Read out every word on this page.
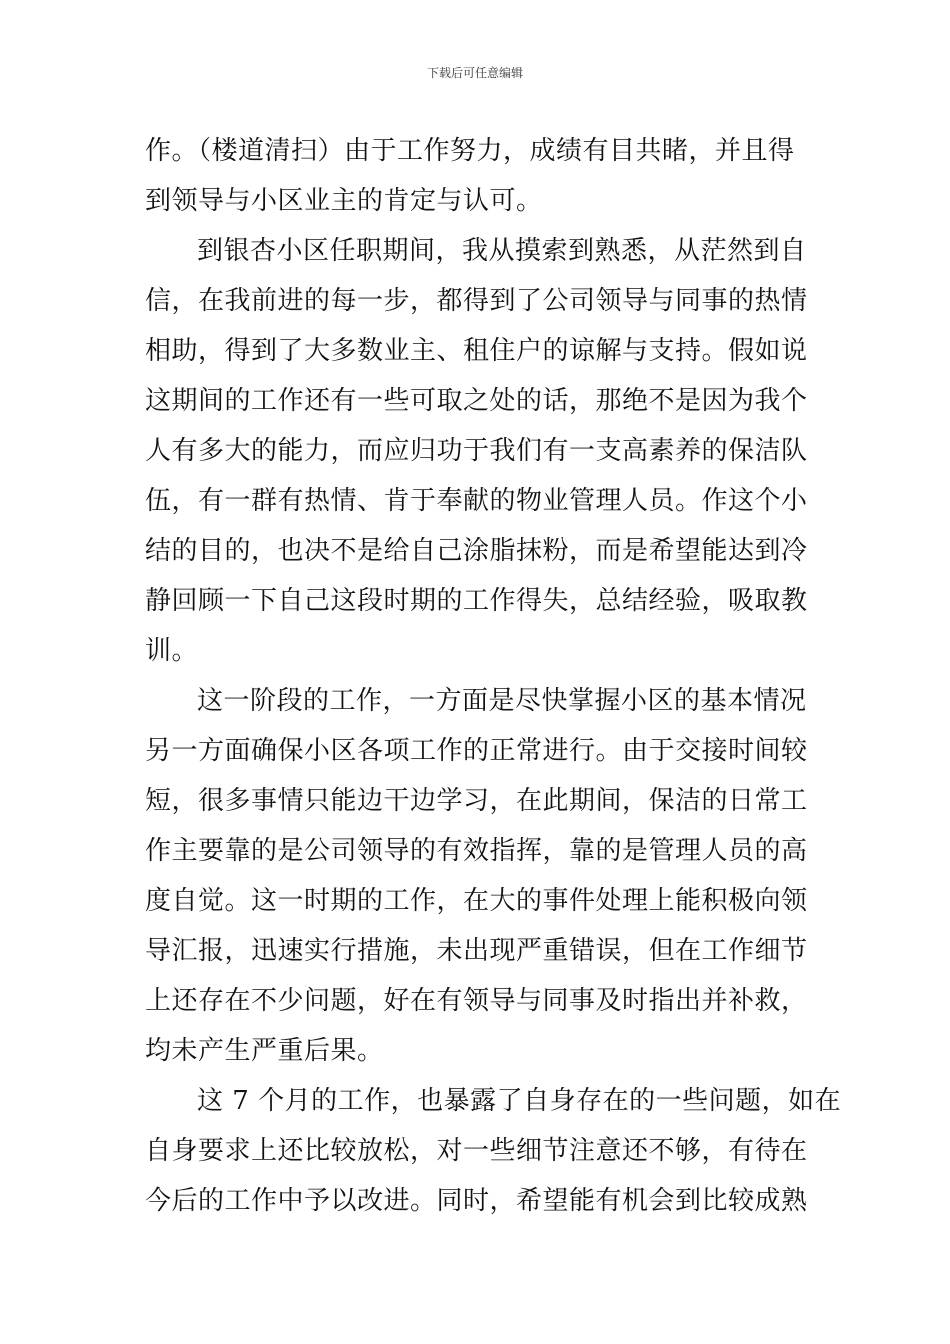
下载后可任意编辑

作。（楼道清扫）由于工作努力，成绩有目共睹，并且得
到领导与小区业主的肯定与认可。

到银杏小区任职期间，我从摸索到熟悉，从茫然到自
信，在我前进的每一步，都得到了公司领导与同事的热情
相助，得到了大多数业主、租住户的谅解与支持。假如说
这期间的工作还有一些可取之处的话，那绝不是因为我个
人有多大的能力，而应归功于我们有一支高素养的保洁队
伍，有一群有热情、肯于奉献的物业管理人员。作这个小
结的目的，也决不是给自己涂脂抹粉，而是希望能达到冷
静回顾一下自己这段时期的工作得失，总结经验，吸取教
训。

这一阶段的工作，一方面是尽快掌握小区的基本情况
另一方面确保小区各项工作的正常进行。由于交接时间较
短，很多事情只能边干边学习，在此期间，保洁的日常工
作主要靠的是公司领导的有效指挥，靠的是管理人员的高
度自觉。这一时期的工作，在大的事件处理上能积极向领
导汇报，迅速实行措施，未出现严重错误，但在工作细节
上还存在不少问题，好在有领导与同事及时指出并补救，
均未产生严重后果。

这 7 个月的工作，也暴露了自身存在的一些问题，如在
自身要求上还比较放松，对一些细节注意还不够，有待在
今后的工作中予以改进。同时，希望能有机会到比较成熟
